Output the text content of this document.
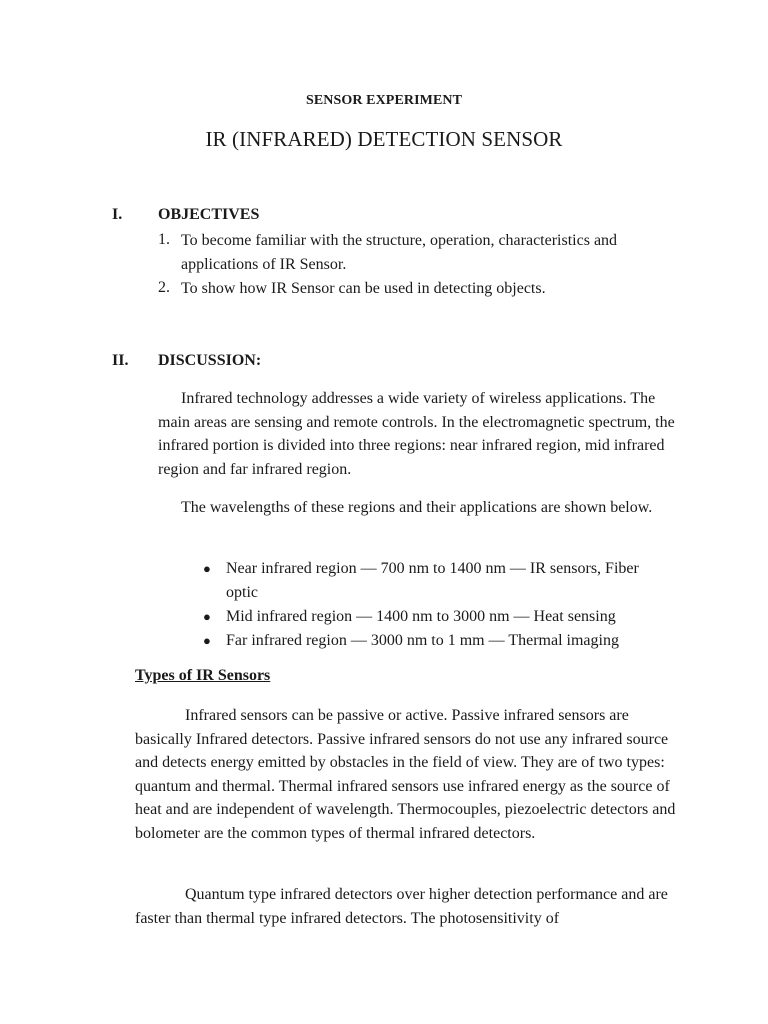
SENSOR EXPERIMENT
IR (INFRARED) DETECTION SENSOR
I. OBJECTIVES
1. To become familiar with the structure, operation, characteristics and applications of IR Sensor.
2. To show how IR Sensor can be used in detecting objects.
II. DISCUSSION:
Infrared technology addresses a wide variety of wireless applications. The main areas are sensing and remote controls. In the electromagnetic spectrum, the infrared portion is divided into three regions: near infrared region, mid infrared region and far infrared region.
The wavelengths of these regions and their applications are shown below.
● Near infrared region — 700 nm to 1400 nm — IR sensors, Fiber optic
● Mid infrared region — 1400 nm to 3000 nm — Heat sensing
● Far infrared region — 3000 nm to 1 mm — Thermal imaging
Types of IR Sensors
Infrared sensors can be passive or active. Passive infrared sensors are basically Infrared detectors. Passive infrared sensors do not use any infrared source and detects energy emitted by obstacles in the field of view. They are of two types: quantum and thermal. Thermal infrared sensors use infrared energy as the source of heat and are independent of wavelength. Thermocouples, piezoelectric detectors and bolometer are the common types of thermal infrared detectors.
Quantum type infrared detectors over higher detection performance and are faster than thermal type infrared detectors. The photosensitivity of
